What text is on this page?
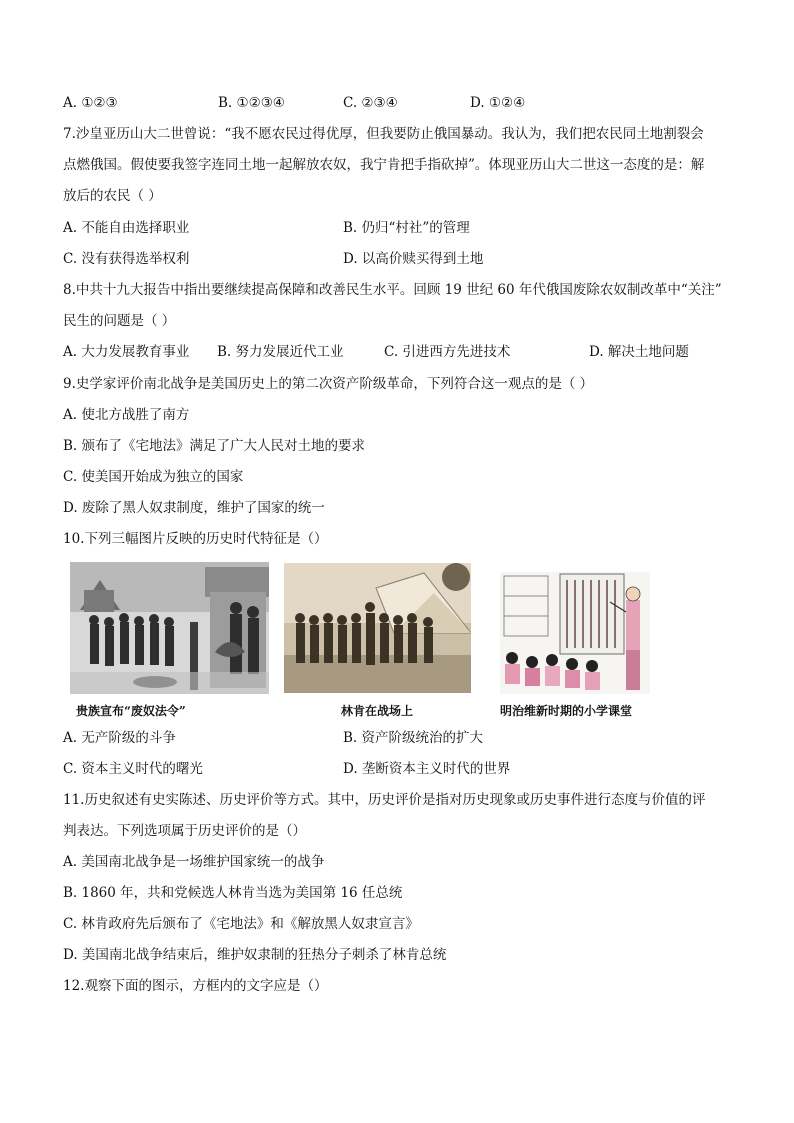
A. ①②③	B. ①②③④	C. ②③④	D. ①②④
7.沙皇亚历山大二世曾说：“我不愿农民过得优厚，但我要防止俄国暴动。我认为，我们把农民同土地割裂会
点燃俄国。假使要我签字连同土地一起解放农奴，我宁肯把手指砍掉”。体现亚历山大二世这一态度的是：解
放后的农民（ ）
A. 不能自由选择职业	B. 仍归“村社”的管理
C. 没有获得选举权利	D. 以高价赎买得到土地
8.中共十九大报告中指出要继续提高保障和改善民生水平。回顾 19 世纪 60 年代俄国废除农奴制改革中“关注”
民生的问题是（ ）
A. 大力发展教育事业 B. 努力发展近代工业	C. 引进西方先进技术	D. 解决土地问题
9.史学家评价南北战争是美国历史上的第二次资产阶级革命，下列符合这一观点的是（ ）
A. 使北方战胜了南方
B. 颁布了《宅地法》满足了广大人民对土地的要求
C. 使美国开始成为独立的国家
D. 废除了黑人奴隶制度，维护了国家的统一
10.下列三幅图片反映的历史时代特征是（）
贵族宣布“废奴法令”	林肯在战场上	明治维新时期的小学课堂
A. 无产阶级的斗争	B. 资产阶级统治的扩大
C. 资本主义时代的曙光	D. 垄断资本主义时代的世界
11.历史叙述有史实陈述、历史评价等方式。其中，历史评价是指对历史现象或历史事件进行态度与价值的评
判表达。下列选项属于历史评价的是（）
A. 美国南北战争是一场维护国家统一的战争
B. 1860 年，共和党候选人林肯当选为美国第 16 任总统
C. 林肯政府先后颁布了《宅地法》和《解放黑人奴隶宣言》
D. 美国南北战争结束后，维护奴隶制的狂热分子刺杀了林肯总统
12.观察下面的图示，方框内的文字应是（）
